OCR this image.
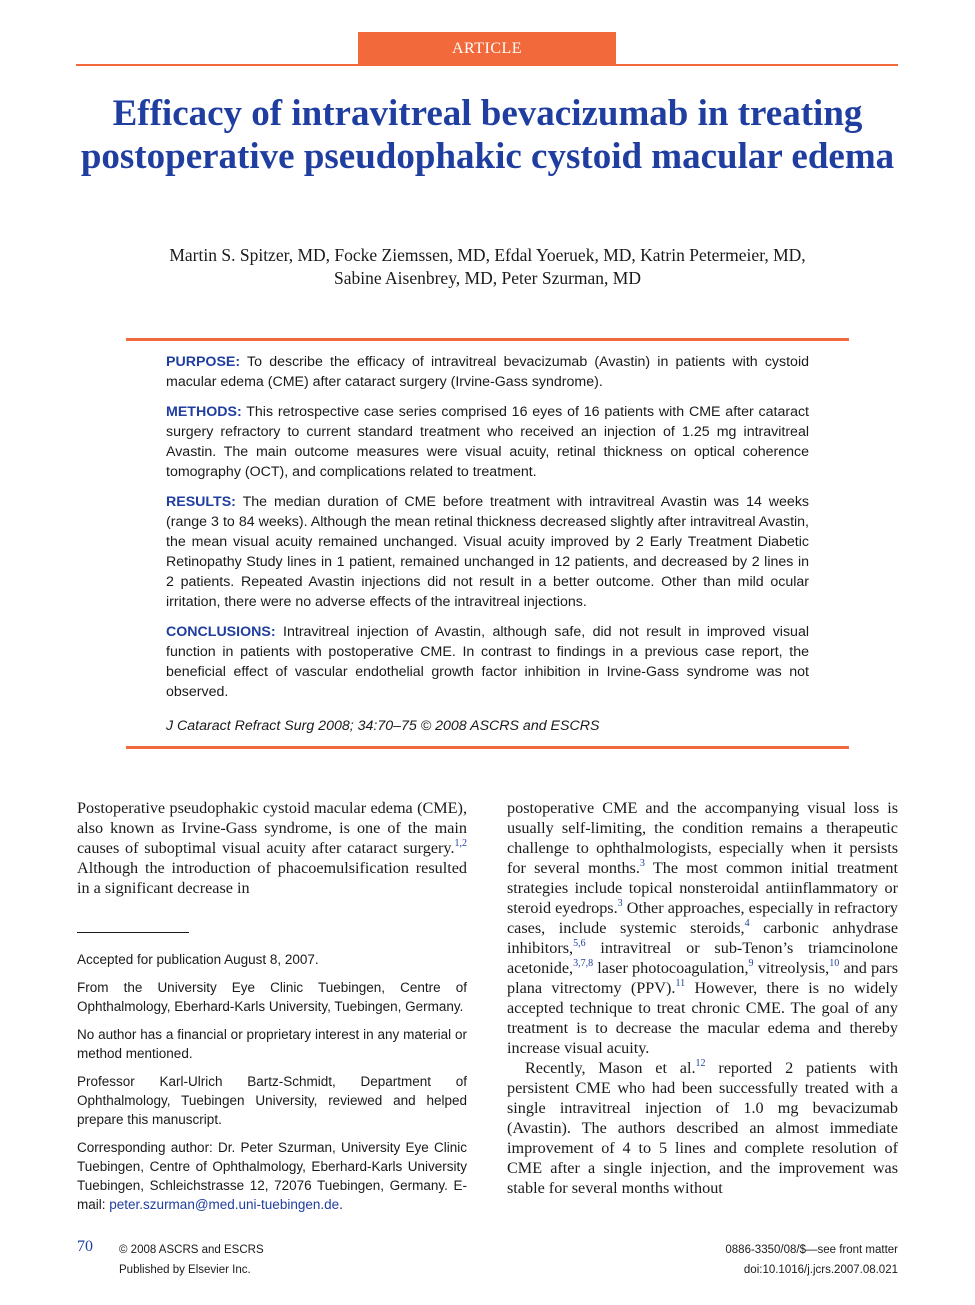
ARTICLE
Efficacy of intravitreal bevacizumab in treating postoperative pseudophakic cystoid macular edema
Martin S. Spitzer, MD, Focke Ziemssen, MD, Efdal Yoeruek, MD, Katrin Petermeier, MD,
Sabine Aisenbrey, MD, Peter Szurman, MD

PURPOSE: To describe the efficacy of intravitreal bevacizumab (Avastin) in patients with cystoid macular edema (CME) after cataract surgery (Irvine-Gass syndrome).

METHODS: This retrospective case series comprised 16 eyes of 16 patients with CME after cataract surgery refractory to current standard treatment who received an injection of 1.25 mg intravitreal Avastin. The main outcome measures were visual acuity, retinal thickness on optical coherence tomography (OCT), and complications related to treatment.

RESULTS: The median duration of CME before treatment with intravitreal Avastin was 14 weeks (range 3 to 84 weeks). Although the mean retinal thickness decreased slightly after intravitreal Avastin, the mean visual acuity remained unchanged. Visual acuity improved by 2 Early Treatment Diabetic Retinopathy Study lines in 1 patient, remained unchanged in 12 patients, and decreased by 2 lines in 2 patients. Repeated Avastin injections did not result in a better outcome. Other than mild ocular irritation, there were no adverse effects of the intravitreal injections.

CONCLUSIONS: Intravitreal injection of Avastin, although safe, did not result in improved visual function in patients with postoperative CME. In contrast to findings in a previous case report, the beneficial effect of vascular endothelial growth factor inhibition in Irvine-Gass syndrome was not observed.

J Cataract Refract Surg 2008; 34:70–75 © 2008 ASCRS and ESCRS

Postoperative pseudophakic cystoid macular edema (CME), also known as Irvine-Gass syndrome, is one of the main causes of suboptimal visual acuity after cataract surgery.$^{1,2}$ Although the introduction of phacoemulsification resulted in a significant decrease in

postoperative CME and the accompanying visual loss is usually self-limiting, the condition remains a therapeutic challenge to ophthalmologists, especially when it persists for several months.$^3$ The most common initial treatment strategies include topical nonsteroidal antiinflammatory or steroid eyedrops.$^3$ Other approaches, especially in refractory cases, include systemic steroids,$^4$ carbonic anhydrase inhibitors,$^{5,6}$ intravitreal or sub-Tenon’s triamcinolone acetonide,$^{3,7,8}$ laser photocoagulation,$^9$ vitreolysis,$^{10}$ and pars plana vitrectomy (PPV).$^{11}$ However, there is no widely accepted technique to treat chronic CME. The goal of any treatment is to decrease the macular edema and thereby increase visual acuity.

Recently, Mason et al.$^{12}$ reported 2 patients with persistent CME who had been successfully treated with a single intravitreal injection of 1.0 mg bevacizumab (Avastin). The authors described an almost immediate improvement of 4 to 5 lines and complete resolution of CME after a single injection, and the improvement was stable for several months without

Accepted for publication August 8, 2007.

From the University Eye Clinic Tuebingen, Centre of Ophthalmology, Eberhard-Karls University, Tuebingen, Germany.

No author has a financial or proprietary interest in any material or method mentioned.

Professor Karl-Ulrich Bartz-Schmidt, Department of Ophthalmology, Tuebingen University, reviewed and helped prepare this manuscript.

Corresponding author: Dr. Peter Szurman, University Eye Clinic Tuebingen, Centre of Ophthalmology, Eberhard-Karls University Tuebingen, Schleichstrasse 12, 72076 Tuebingen, Germany. E-mail: peter.szurman@med.uni-tuebingen.de.

70 © 2008 ASCRS and ESCRS
Published by Elsevier Inc.
0886-3350/08/$—see front matter
doi:10.1016/j.jcrs.2007.08.021
